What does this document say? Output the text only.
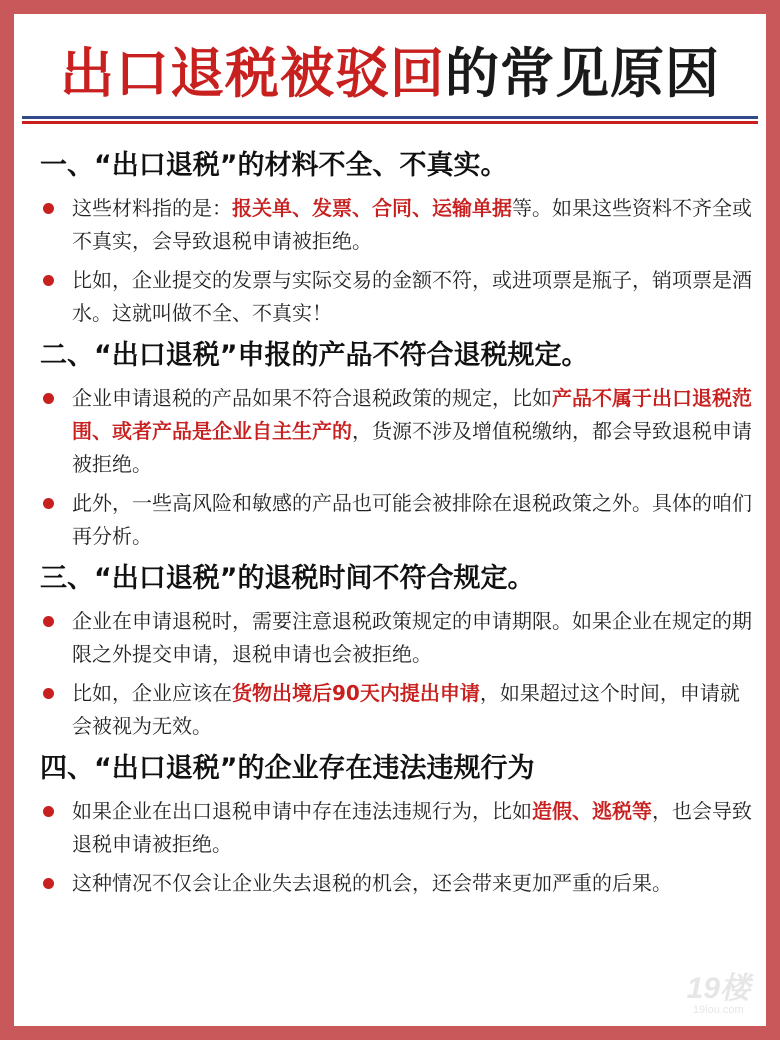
出口退税被驳回的常见原因
一、“出口退税”的材料不全、不真实。
这些材料指的是：报关单、发票、合同、运输单据等。如果这些资料不齐全或不真实，会导致退税申请被拒绝。
比如，企业提交的发票与实际交易的金额不符，或进项票是瓶子，销项票是酒水。这就叫做不全、不真实！
二、“出口退税”申报的产品不符合退税规定。
企业申请退税的产品如果不符合退税政策的规定，比如产品不属于出口退税范围、或者产品是企业自主生产的，货源不涉及增值税缴纳，都会导致退税申请被拒绝。
此外，一些高风险和敏感的产品也可能会被排除在退税政策之外。具体的咱们再分析。
三、“出口退税”的退税时间不符合规定。
企业在申请退税时，需要注意退税政策规定的申请期限。如果企业在规定的期限之外提交申请，退税申请也会被拒绝。
比如，企业应该在货物出境后90天内提出申请，如果超过这个时间，申请就会被视为无效。
四、“出口退税”的企业存在违法违规行为
如果企业在出口退税申请中存在违法违规行为，比如造假、逃税等，也会导致退税申请被拒绝。
这种情况不仅会让企业失去退税的机会，还会带来更加严重的后果。
19楼
19lou.com
